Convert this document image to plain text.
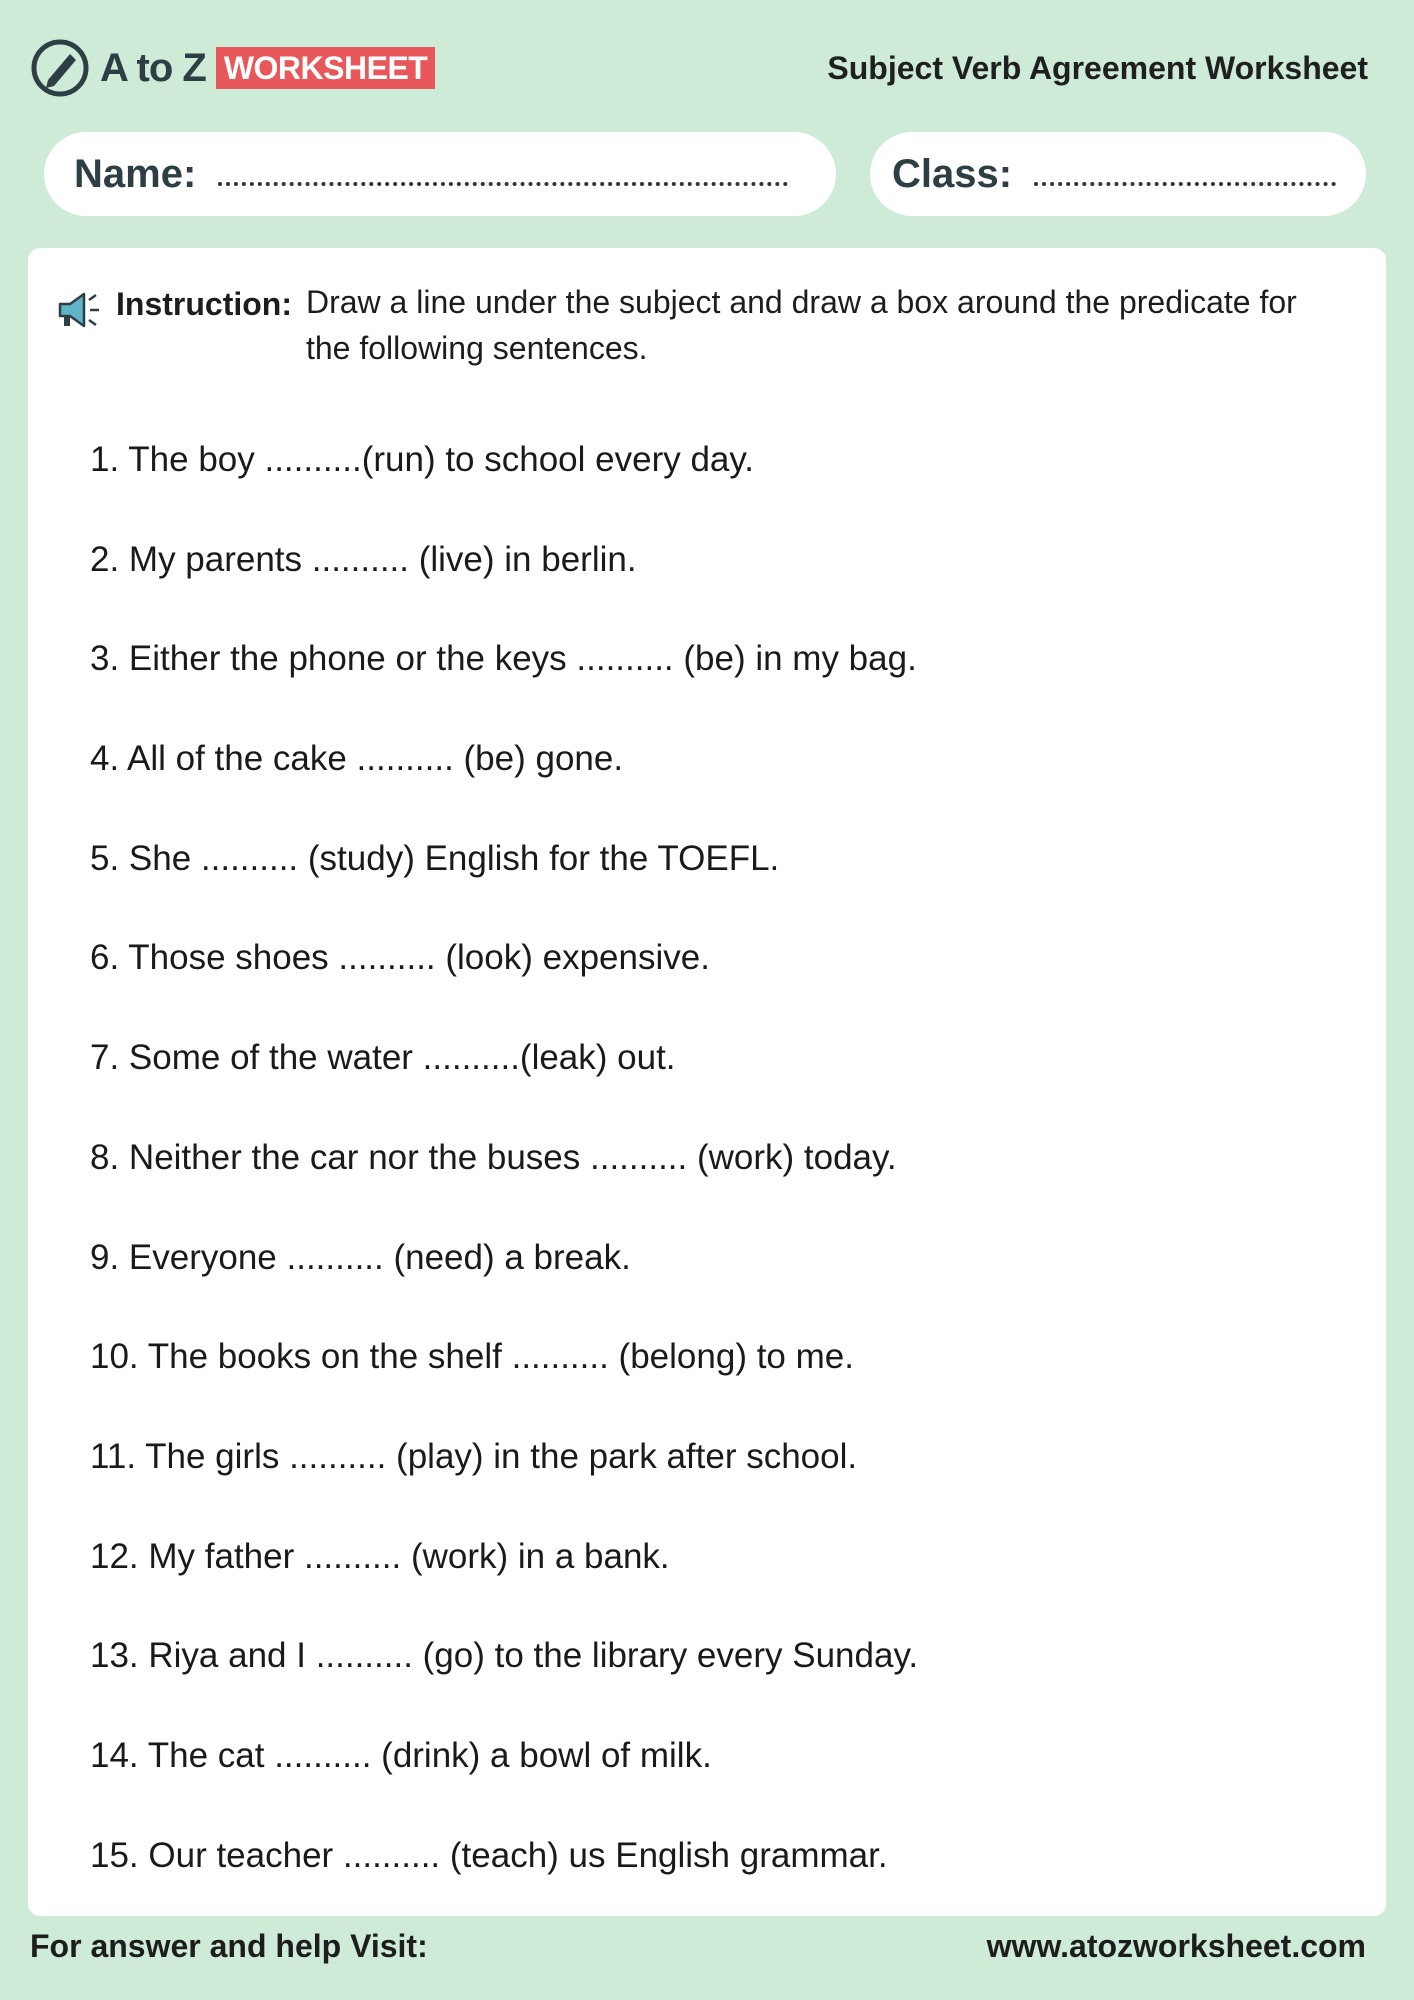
A to Z WORKSHEET	Subject Verb Agreement Worksheet
Name:	Class:
Instruction: Draw a line under the subject and draw a box around the predicate for the following sentences.
1. The boy ..........(run) to school every day.
2. My parents .......... (live) in berlin.
3. Either the phone or the keys .......... (be) in my bag.
4. All of the cake .......... (be) gone.
5. She .......... (study) English for the TOEFL.
6. Those shoes .......... (look) expensive.
7. Some of the water ..........(leak) out.
8. Neither the car nor the buses .......... (work) today.
9. Everyone .......... (need) a break.
10. The books on the shelf .......... (belong) to me.
11. The girls .......... (play) in the park after school.
12. My father .......... (work) in a bank.
13. Riya and I .......... (go) to the library every Sunday.
14. The cat .......... (drink) a bowl of milk.
15. Our teacher .......... (teach) us English grammar.
For answer and help Visit:	www.atozworksheet.com
